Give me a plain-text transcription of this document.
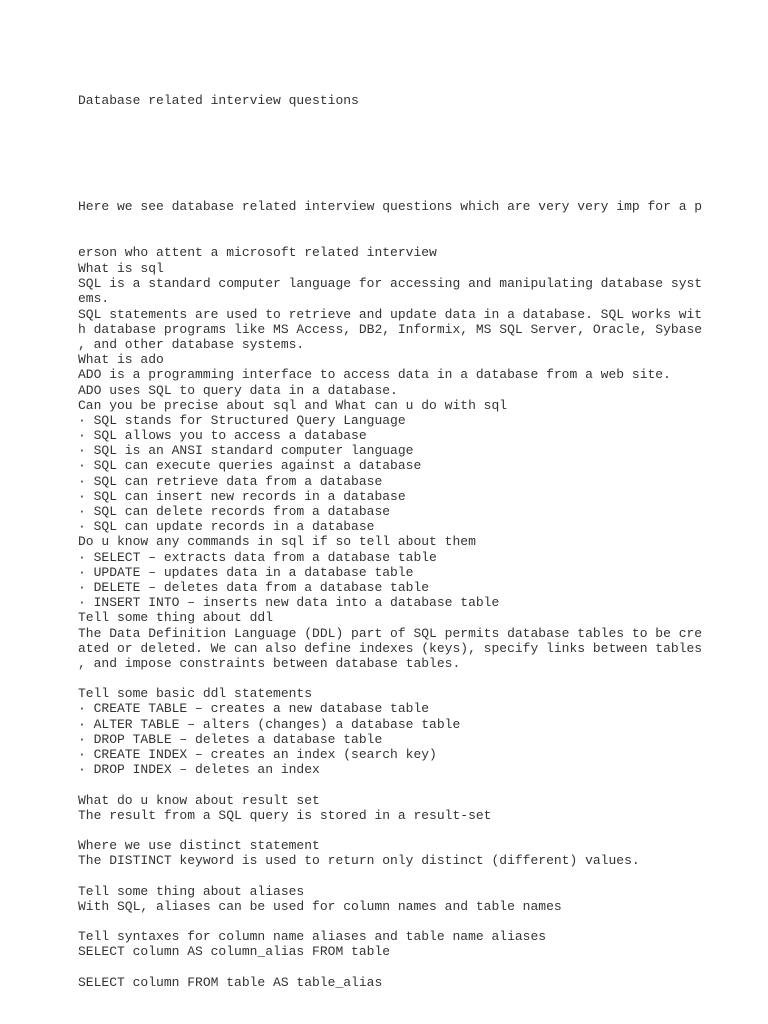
Database related interview questions

Here we see database related interview questions which are very very imp for a p

erson who attent a microsoft related interview

What is sql
SQL is a standard computer language for accessing and manipulating database syst
ems.
SQL statements are used to retrieve and update data in a database. SQL works wit
h database programs like MS Access, DB2, Informix, MS SQL Server, Oracle, Sybase
, and other database systems.
What is ado
ADO is a programming interface to access data in a database from a web site.
ADO uses SQL to query data in a database.
Can you be precise about sql and What can u do with sql
· SQL stands for Structured Query Language
· SQL allows you to access a database
· SQL is an ANSI standard computer language
· SQL can execute queries against a database
· SQL can retrieve data from a database
· SQL can insert new records in a database
· SQL can delete records from a database
· SQL can update records in a database
Do u know any commands in sql if so tell about them
· SELECT – extracts data from a database table
· UPDATE – updates data in a database table
· DELETE – deletes data from a database table
· INSERT INTO – inserts new data into a database table
Tell some thing about ddl
The Data Definition Language (DDL) part of SQL permits database tables to be cre
ated or deleted. We can also define indexes (keys), specify links between tables
, and impose constraints between database tables.
Tell some basic ddl statements
· CREATE TABLE – creates a new database table
· ALTER TABLE – alters (changes) a database table
· DROP TABLE – deletes a database table
· CREATE INDEX – creates an index (search key)
· DROP INDEX – deletes an index
What do u know about result set
The result from a SQL query is stored in a result-set
Where we use distinct statement
The DISTINCT keyword is used to return only distinct (different) values.
Tell some thing about aliases
With SQL, aliases can be used for column names and table names
Tell syntaxes for column name aliases and table name aliases
SELECT column AS column_alias FROM table
SELECT column FROM table AS table_alias
